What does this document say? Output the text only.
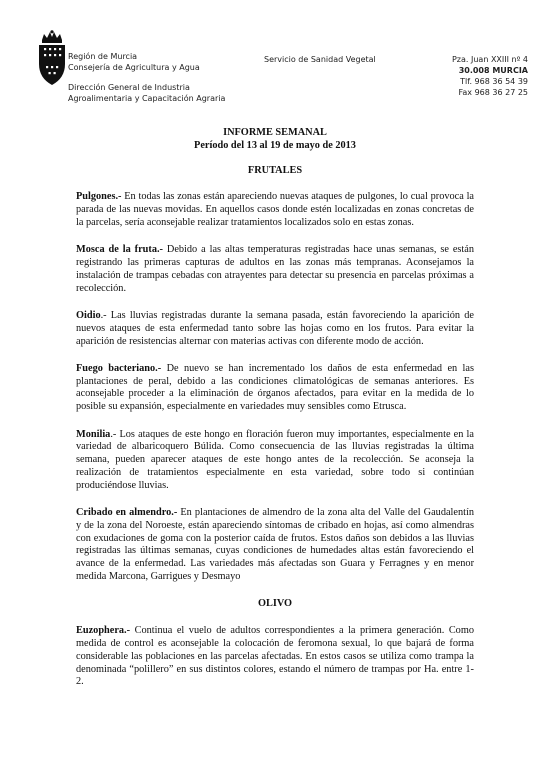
Región de Murcia
Consejería de Agricultura y Agua
Dirección General de Industria
Agroalimentaria y Capacitación Agraria
Servicio de Sanidad Vegetal	Pza. Juan XXIII nº 4
30.008 MURCIA
Tlf. 968 36 54 39
Fax 968 36 27 25
INFORME SEMANAL
Período del 13 al 19 de mayo de 2013
FRUTALES

Pulgones.- En todas las zonas están apareciendo nuevas ataques de pulgones, lo cual provoca la parada de las nuevas movidas. En aquellos casos donde estén localizadas en zonas concretas de la parcelas, sería aconsejable realizar tratamientos localizados solo en estas zonas.

Mosca de la fruta.- Debido a las altas temperaturas registradas hace unas semanas, se están registrando las primeras capturas de adultos en las zonas más tempranas. Aconsejamos la instalación de trampas cebadas con atrayentes para detectar su presencia en parcelas próximas a recolección.

Oidio.- Las lluvias registradas durante la semana pasada, están favoreciendo la aparición de nuevos ataques de esta enfermedad tanto sobre las hojas como en los frutos. Para evitar la aparición de resistencias alternar con materias activas con diferente modo de acción.

Fuego bacteriano.- De nuevo se han incrementado los daños de esta enfermedad en las plantaciones de peral, debido a las condiciones climatológicas de semanas anteriores. Es aconsejable proceder a la eliminación de órganos afectados, para evitar en la medida de lo posible su expansión, especialmente en variedades muy sensibles como Etrusca.

Monilia.- Los ataques de este hongo en floración fueron muy importantes, especialmente en la variedad de albaricoquero Búlida. Como consecuencia de las lluvias registradas la última semana, pueden aparecer ataques de este hongo antes de la recolección. Se aconseja la realización de tratamientos especialmente en esta variedad, sobre todo si continúan produciéndose lluvias.

Cribado en almendro.- En plantaciones de almendro de la zona alta del Valle del Gaudalentín y de la zona del Noroeste, están apareciendo síntomas de cribado en hojas, así como almendras con exudaciones de goma con la posterior caída de frutos. Estos daños son debidos a las lluvias registradas las últimas semanas, cuyas condiciones de humedades altas están favoreciendo el avance de la enfermedad. Las variedades más afectadas son Guara y Ferragnes y en menor medida Marcona, Garrigues y Desmayo

OLIVO

Euzophera.- Continua el vuelo de adultos correspondientes a la primera generación. Como medida de control es aconsejable la colocación de feromona sexual, lo que bajará de forma considerable las poblaciones en las parcelas afectadas. En estos casos se utiliza como trampa la denominada “polillero” en sus distintos colores, estando el número de trampas por Ha. entre 1-2.
